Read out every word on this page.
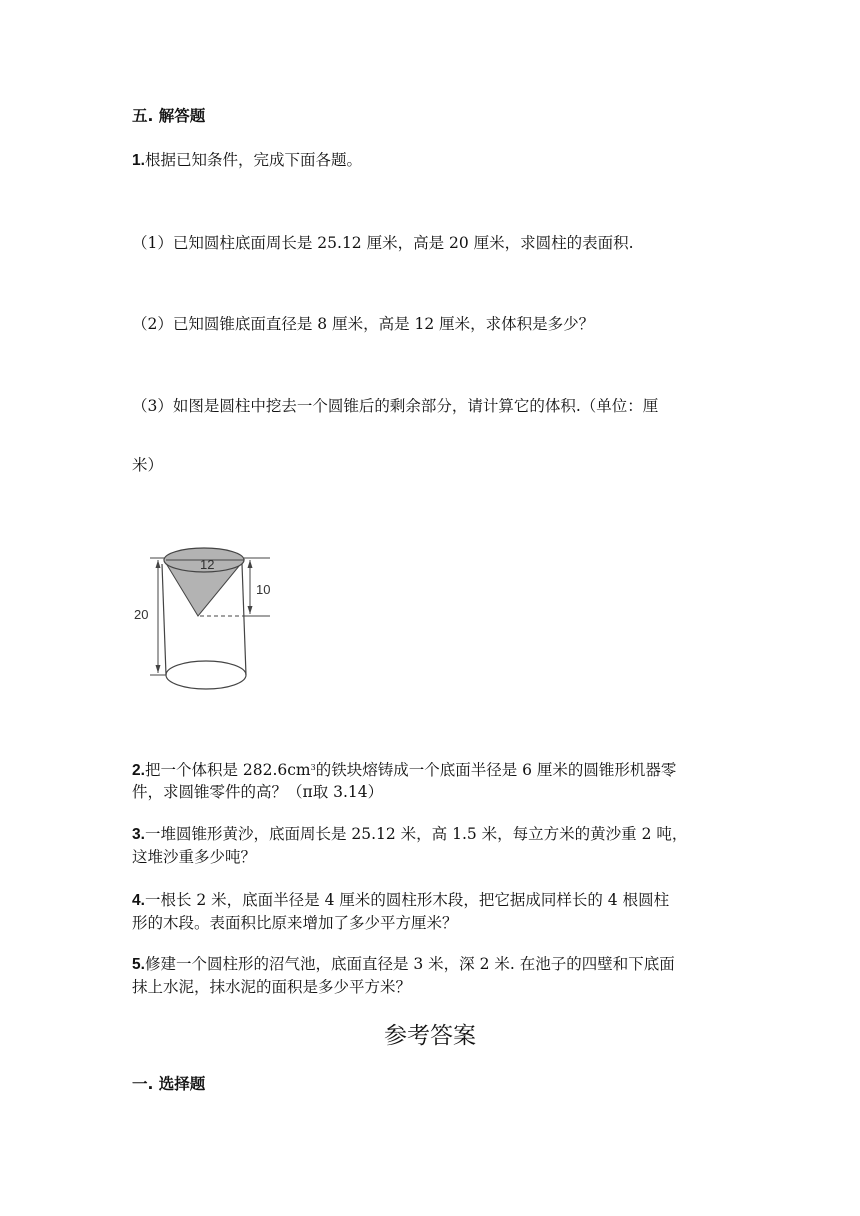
五. 解答题
1.根据已知条件，完成下面各题。
（1）已知圆柱底面周长是 25.12 厘米，高是 20 厘米，求圆柱的表面积.
（2）已知圆锥底面直径是 8 厘米，高是 12 厘米，求体积是多少？
（3）如图是圆柱中挖去一个圆锥后的剩余部分，请计算它的体积.（单位：厘
米）
12
10
20
2.把一个体积是 $282.6cm^3$的铁块熔铸成一个底面半径是 6 厘米的圆锥形机器零
件，求圆锥零件的高？（π取 3.14）
3.一堆圆锥形黄沙，底面周长是 25.12 米，高 1.5 米，每立方米的黄沙重 2 吨，
这堆沙重多少吨？
4.一根长 2 米，底面半径是 4 厘米的圆柱形木段，把它据成同样长的 4 根圆柱
形的木段。表面积比原来增加了多少平方厘米？
5.修建一个圆柱形的沼气池，底面直径是 3 米，深 2 米. 在池子的四壁和下底面
抹上水泥，抹水泥的面积是多少平方米？
参考答案
一. 选择题
